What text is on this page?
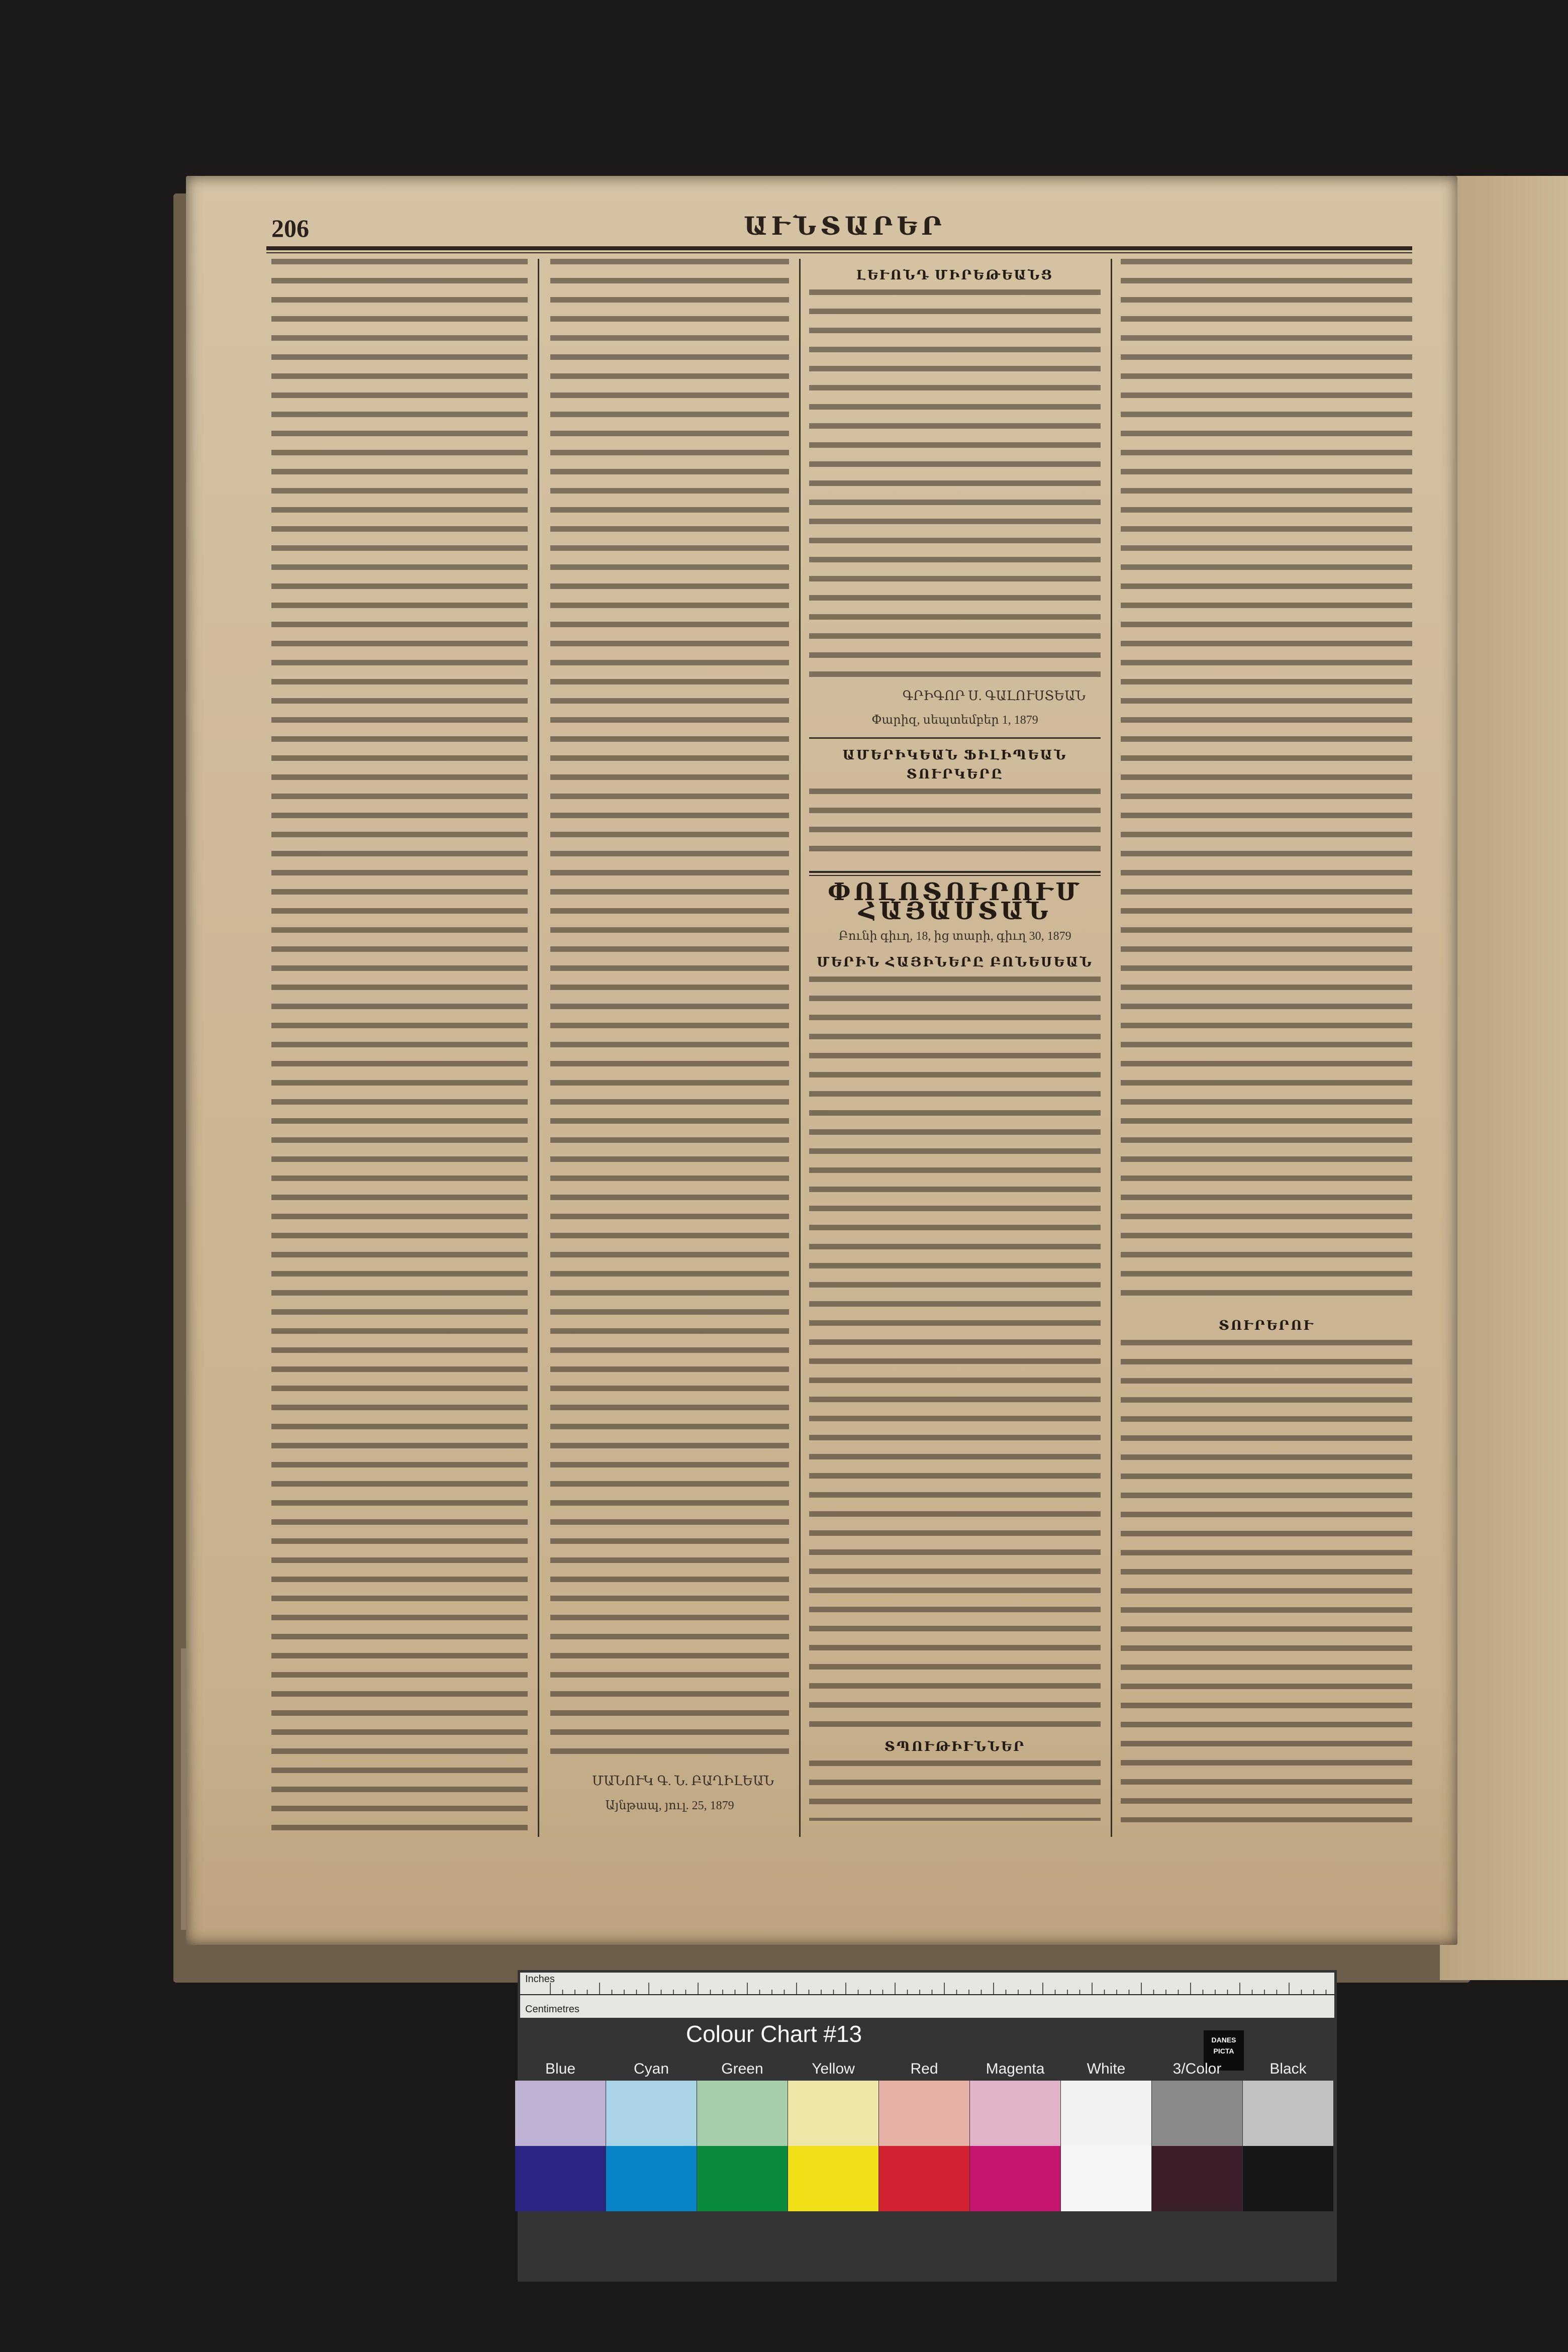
206	ԱՒՆՏԱՐԵՐ
ՄԱՆՈՒԿ Գ. Ն. ԲԱՂԻԼԵԱՆ
Այնթապ, յուլ. 25, 1879
ԼԵՒՈՆԴ ՄԻՐԵԹԵԱՆՑ
ԳՐԻԳՈՐ Ս. ԳԱԼՈՒՍՏԵԱՆ
Փարիզ, սեպտեմբեր 1, 1879
ԱՄԵՐԻԿԵԱՆ ՖԻԼԻՊԵԱՆ ՏՈՒՐԿԵՐԸ
ՓՈԼՈՏՈՒՐՈՒՄ ՀԱՅԱՍՏԱՆ
Բունի գիւղ, 18, ից տարի, գիւղ 30, 1879
ՄԵՐԻՆ ՀԱՅԻՆԵՐԸ ԲՈՆԵՍԵԱՆ
ՏՊՈՒԹԻՒՆՆԵՐ
ՏՈՒՐԵՐՈՒ
Inches
Centimetres
Colour Chart #13	DANES PICTA
Blue	Cyan	Green	Yellow	Red	Magenta	White	3/Color	Black
